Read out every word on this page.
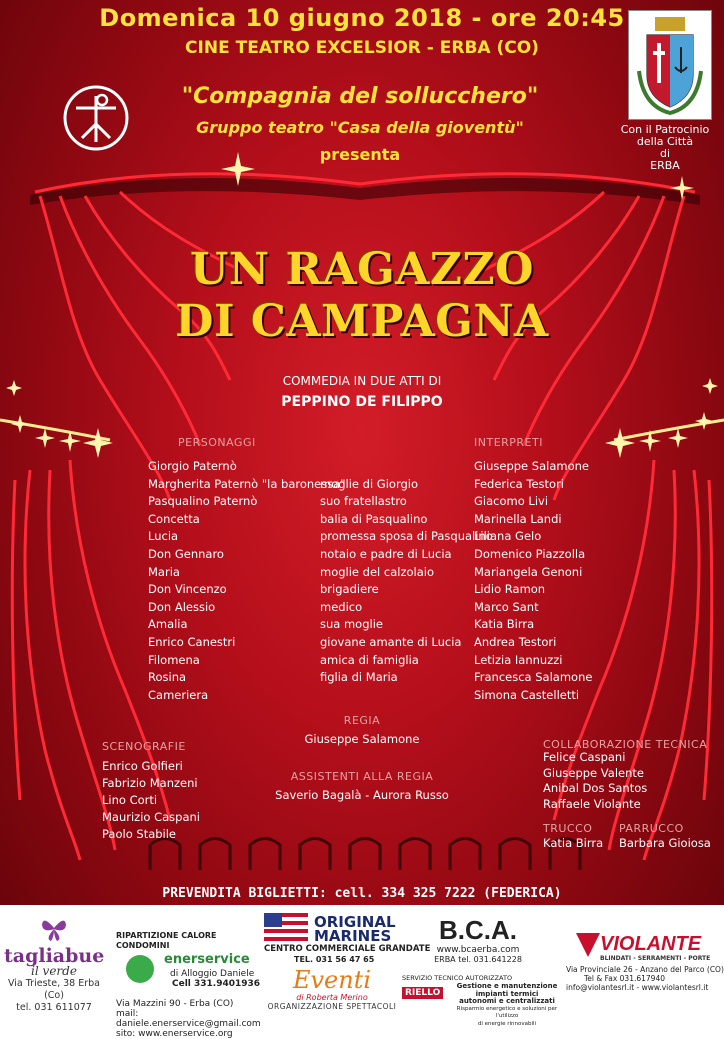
Con il Patrocinio
della Città
di
ERBA
Domenica 10 giugno 2018 - ore 20:45
CINE TEATRO EXCELSIOR - ERBA (CO)
"Compagnia del sollucchero"
Gruppo teatro "Casa della gioventù"
presenta
UN RAGAZZO
DI CAMPAGNA
COMMEDIA IN DUE ATTI DI
PEPPINO DE FILIPPO
PERSONAGGI	INTERPRETI
Giorgio Paternò
Margherita Paternò "la baronessa"
Pasqualino Paternò
Concetta
Lucia
Don Gennaro
Maria
Don Vincenzo
Don Alessio
Amalia
Enrico Canestri
Filomena
Rosina
Cameriera

moglie di Giorgio
suo fratellastro
balia di Pasqualino
promessa sposa di Pasqualino
notaio e padre di Lucia
moglie del calzolaio
brigadiere
medico
sua moglie
giovane amante di Lucia
amica di famiglia
figlia di Maria
Giuseppe Salamone
Federica Testori
Giacomo Livi
Marinella Landi
Liliana Gelo
Domenico Piazzolla
Mariangela Genoni
Lidio Ramon
Marco Sant
Katia Birra
Andrea Testori
Letizia Iannuzzi
Francesca Salamone
Simona Castelletti
REGIA
Giuseppe Salamone
ASSISTENTI ALLA REGIA
Saverio Bagalà - Aurora Russo
SCENOGRAFIE
Enrico Golfieri
Fabrizio Manzeni
Lino Corti
Maurizio Caspani
Paolo Stabile
COLLABORAZIONE TECNICA
Felice Caspani
Giuseppe Valente
Anibal Dos Santos
Raffaele Violante
TRUCCO
Katia Birra
PARRUCCO
Barbara Gioiosa
PREVENDITA BIGLIETTI: cell. 334 325 7222 (FEDERICA)
tagliabue
il verde
Via Trieste, 38 Erba (Co)
tel. 031 611077
RIPARTIZIONE CALORE CONDOMINI
enerservice
di Alloggio Daniele
Cell 331.9401936
Via Mazzini 90 - Erba (CO)
mail: daniele.enerservice@gmail.com
sito: www.enerservice.org
ORIGINAL
MARINES
CENTRO COMMERCIALE GRANDATE
TEL. 031 56 47 65
Eventi
di Roberta Merino
ORGANIZZAZIONE SPETTACOLI
B.C.A.
www.bcaerba.com
ERBA tel. 031.641228
SERVIZIO TECNICO AUTORIZZATO
RIELLO
Gestione e manutenzione
impianti termici
autonomi e centralizzati
Risparmio energetico e soluzioni per l'utilizzo
di energie rinnovabili
VIOLANTE
BLINDATI - SERRAMENTI - PORTE
Via Provinciale 26 - Anzano del Parco (CO)
Tel & Fax 031.617940
info@violantesrl.it - www.violantesrl.it
